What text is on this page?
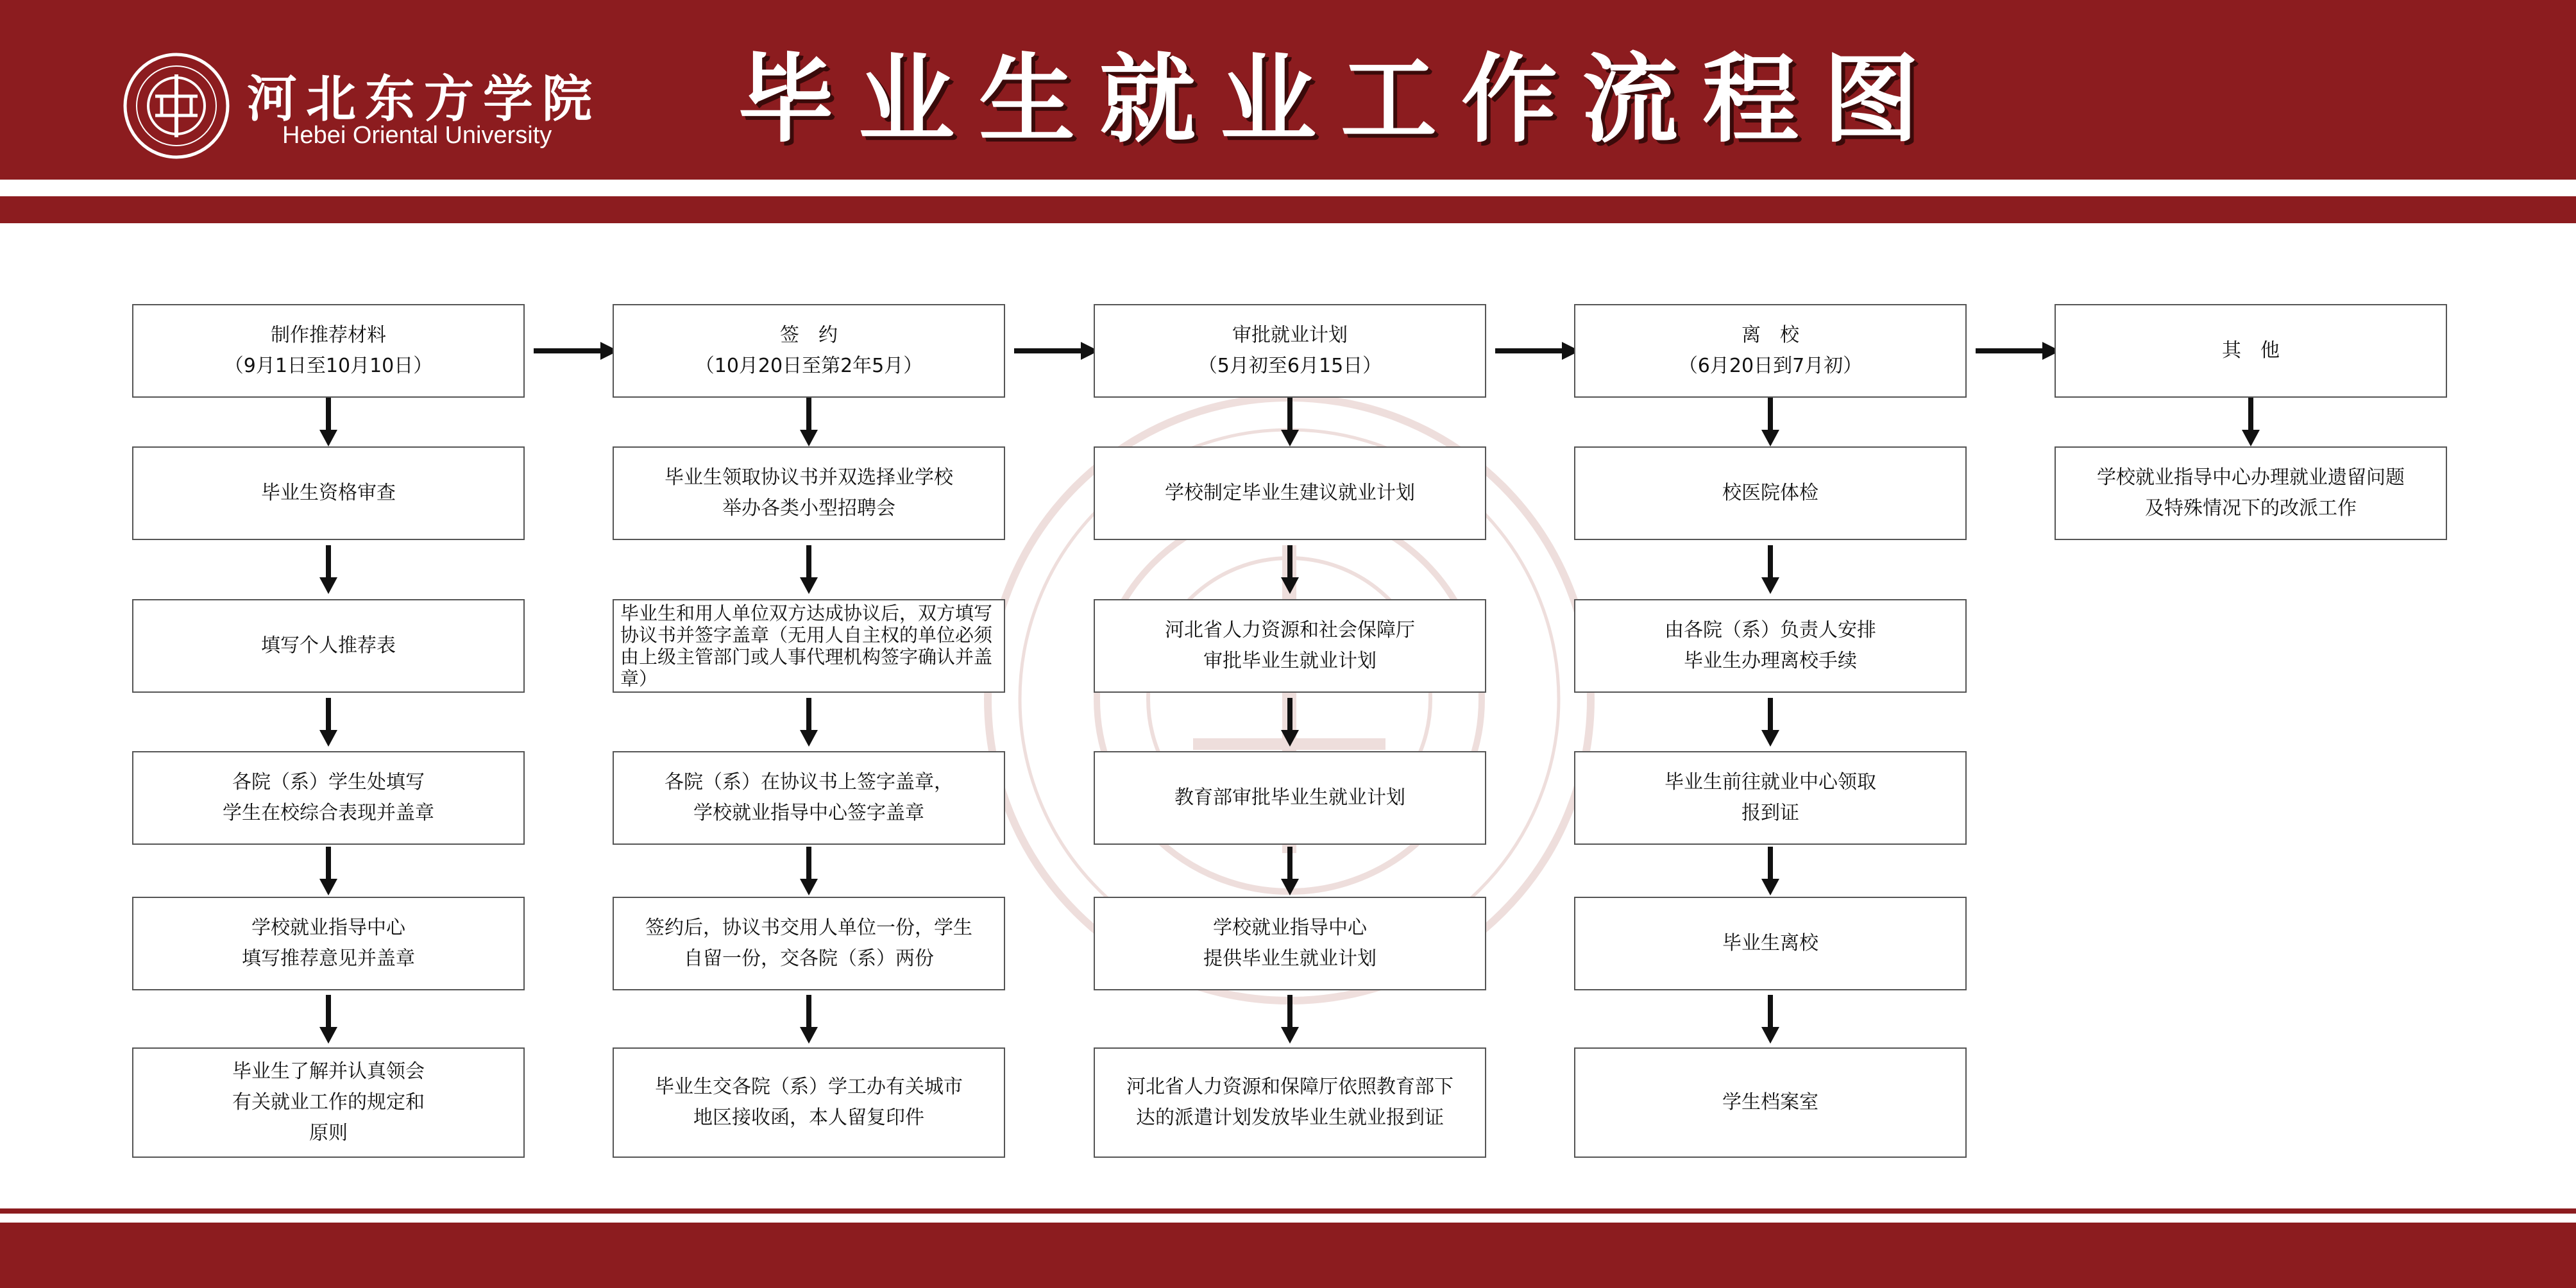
河北东方学院
Hebei Oriental University	毕业生就业工作流程图
制作推荐材料
（9月1日至10月10日）
毕业生资格审查
填写个人推荐表
各院（系）学生处填写
学生在校综合表现并盖章
学校就业指导中心
填写推荐意见并盖章
毕业生了解并认真领会
有关就业工作的规定和
原则
签　约
（10月20日至第2年5月）
毕业生领取协议书并双选择业学校
举办各类小型招聘会
毕业生和用人单位双方达成协议后，双方填写协议书并签字盖章（无用人自主权的单位必须由上级主管部门或人事代理机构签字确认并盖章）
各院（系）在协议书上签字盖章，
学校就业指导中心签字盖章
签约后，协议书交用人单位一份，学生
自留一份，交各院（系）两份
毕业生交各院（系）学工办有关城市
地区接收函，本人留复印件
审批就业计划
（5月初至6月15日）
学校制定毕业生建议就业计划
河北省人力资源和社会保障厅
审批毕业生就业计划
教育部审批毕业生就业计划
学校就业指导中心
提供毕业生就业计划
河北省人力资源和保障厅依照教育部下
达的派遣计划发放毕业生就业报到证
离　校
（6月20日到7月初）
校医院体检
由各院（系）负责人安排
毕业生办理离校手续
毕业生前往就业中心领取
报到证
毕业生离校
学生档案室
其　他
学校就业指导中心办理就业遗留问题
及特殊情况下的改派工作
